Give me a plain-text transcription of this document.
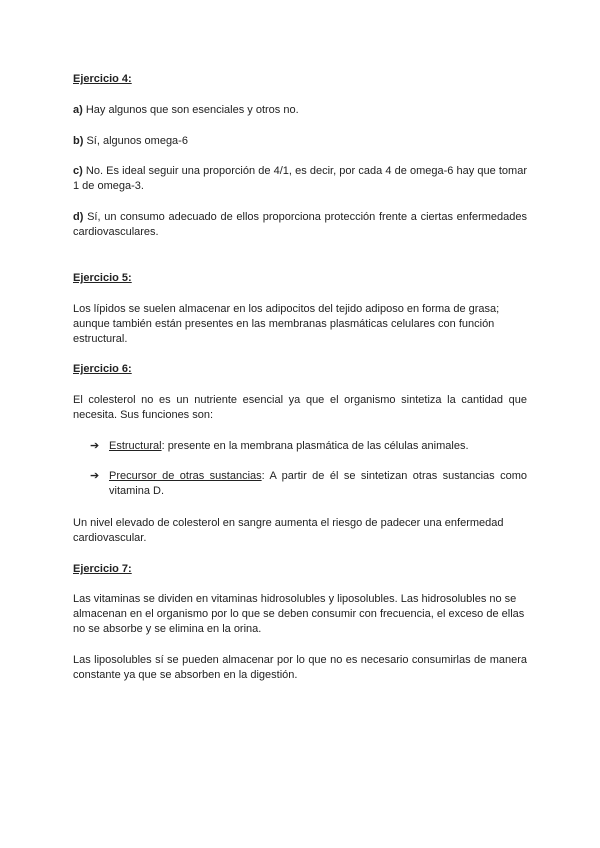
Ejercicio 4:

a) Hay algunos que son esenciales y otros no.

b) Sí, algunos omega-6

c) No. Es ideal seguir una proporción de 4/1, es decir, por cada 4 de omega-6 hay que tomar 1 de omega-3.

d) Sí, un consumo adecuado de ellos proporciona protección frente a ciertas enfermedades cardiovasculares.

Ejercicio 5:

Los lípidos se suelen almacenar en los adipocitos del tejido adiposo en forma de grasa; aunque también están presentes en las membranas plasmáticas celulares con función estructural.

Ejercicio 6:

El colesterol no es un nutriente esencial ya que el organismo sintetiza la cantidad que necesita. Sus funciones son:

➔ Estructural: presente en la membrana plasmática de las células animales.
➔ Precursor de otras sustancias: A partir de él se sintetizan otras sustancias como vitamina D.

Un nivel elevado de colesterol en sangre aumenta el riesgo de padecer una enfermedad cardiovascular.

Ejercicio 7:

Las vitaminas se dividen en vitaminas hidrosolubles y liposolubles. Las hidrosolubles no se almacenan en el organismo por lo que se deben consumir con frecuencia, el exceso de ellas no se absorbe y se elimina en la orina.

Las liposolubles sí se pueden almacenar por lo que no es necesario consumirlas de manera constante ya que se absorben en la digestión.
